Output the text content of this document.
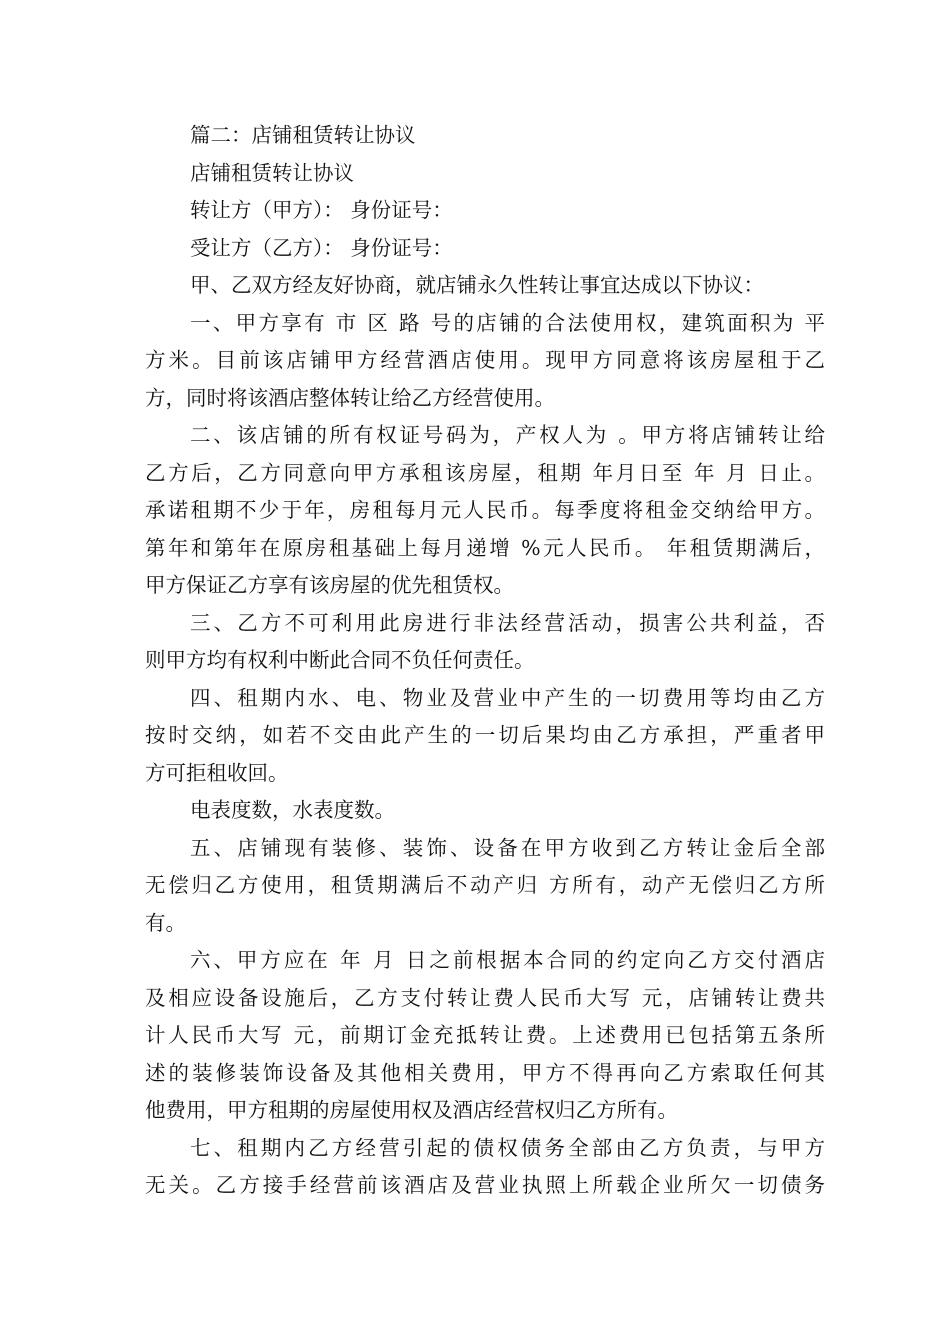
篇二：店铺租赁转让协议
店铺租赁转让协议
转让方（甲方）： 身份证号：
受让方（乙方）： 身份证号：
甲、乙双方经友好协商，就店铺永久性转让事宜达成以下协议：
一、甲方享有 市 区 路 号的店铺的合法使用权，建筑面积为 平
方米。目前该店铺甲方经营酒店使用。现甲方同意将该房屋租于乙
方，同时将该酒店整体转让给乙方经营使用。
二、该店铺的所有权证号码为，产权人为 。甲方将店铺转让给
乙方后，乙方同意向甲方承租该房屋，租期 年月日至 年 月 日止。
承诺租期不少于年，房租每月元人民币。每季度将租金交纳给甲方。
第年和第年在原房租基础上每月递增 %元人民币。 年租赁期满后，
甲方保证乙方享有该房屋的优先租赁权。
三、乙方不可利用此房进行非法经营活动，损害公共利益，否
则甲方均有权利中断此合同不负任何责任。
四、租期内水、电、物业及营业中产生的一切费用等均由乙方
按时交纳，如若不交由此产生的一切后果均由乙方承担，严重者甲
方可拒租收回。
电表度数，水表度数。
五、店铺现有装修、装饰、设备在甲方收到乙方转让金后全部
无偿归乙方使用，租赁期满后不动产归 方所有，动产无偿归乙方所
有。
六、甲方应在 年 月 日之前根据本合同的约定向乙方交付酒店
及相应设备设施后，乙方支付转让费人民币大写 元，店铺转让费共
计人民币大写 元，前期订金充抵转让费。上述费用已包括第五条所
述的装修装饰设备及其他相关费用，甲方不得再向乙方索取任何其
他费用，甲方租期的房屋使用权及酒店经营权归乙方所有。
七、租期内乙方经营引起的债权债务全部由乙方负责，与甲方
无关。乙方接手经营前该酒店及营业执照上所载企业所欠一切债务
